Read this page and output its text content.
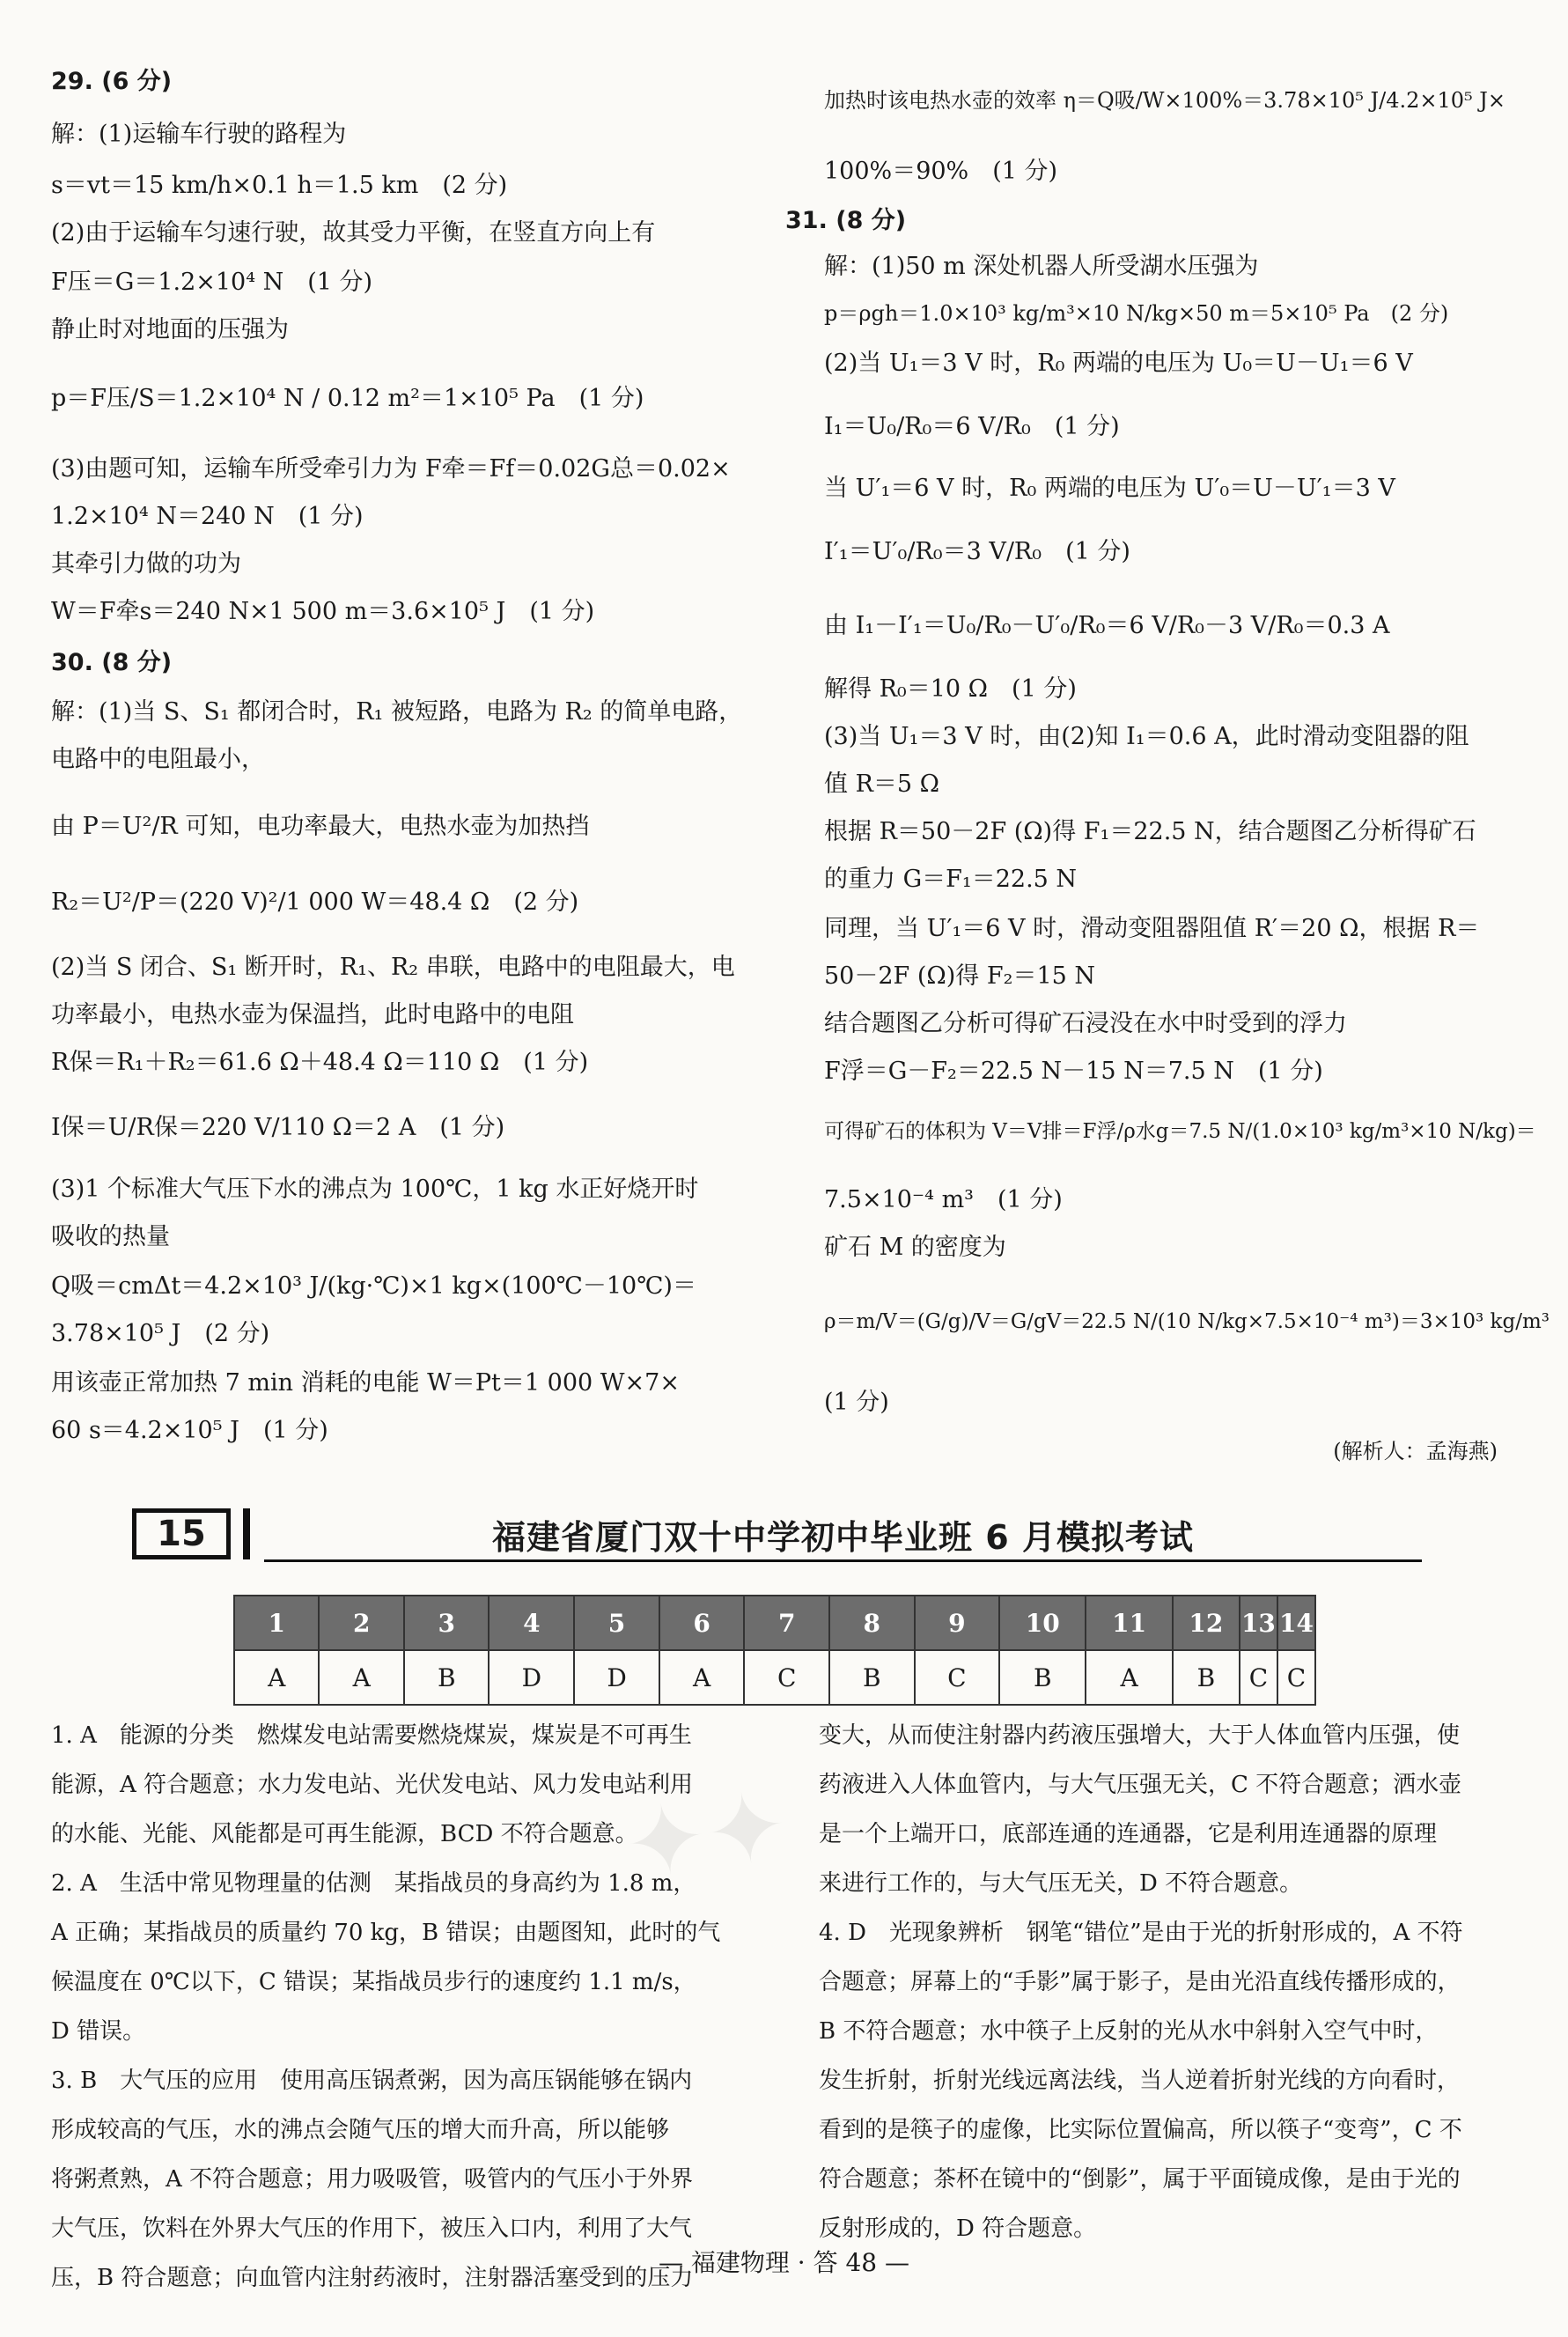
29. (6 分)
解：(1)运输车行驶的路程为
s＝vt＝15 km/h×0.1 h＝1.5 km　(2 分)
(2)由于运输车匀速行驶，故其受力平衡，在竖直方向上有
F压＝G＝1.2×10⁴ N　(1 分)
静止时对地面的压强为
p＝F压/S＝1.2×10⁴ N / 0.12 m²＝1×10⁵ Pa　(1 分)
(3)由题可知，运输车所受牵引力为 F牵＝Ff＝0.02G总＝0.02×
1.2×10⁴ N＝240 N　(1 分)
其牵引力做的功为
W＝F牵s＝240 N×1 500 m＝3.6×10⁵ J　(1 分)
30. (8 分)
解：(1)当 S、S₁ 都闭合时，R₁ 被短路，电路为 R₂ 的简单电路，
电路中的电阻最小，
由 P＝U²/R 可知，电功率最大，电热水壶为加热挡
R₂＝U²/P＝(220 V)²/1 000 W＝48.4 Ω　(2 分)
(2)当 S 闭合、S₁ 断开时，R₁、R₂ 串联，电路中的电阻最大，电
功率最小，电热水壶为保温挡，此时电路中的电阻
R保＝R₁＋R₂＝61.6 Ω＋48.4 Ω＝110 Ω　(1 分)
I保＝U/R保＝220 V/110 Ω＝2 A　(1 分)
(3)1 个标准大气压下水的沸点为 100℃，1 kg 水正好烧开时
吸收的热量
Q吸＝cmΔt＝4.2×10³ J/(kg·℃)×1 kg×(100℃－10℃)＝
3.78×10⁵ J　(2 分)
用该壶正常加热 7 min 消耗的电能 W＝Pt＝1 000 W×7×
60 s＝4.2×10⁵ J　(1 分)
加热时该电热水壶的效率 η＝Q吸/W×100%＝3.78×10⁵ J/4.2×10⁵ J×
100%＝90%　(1 分)
31. (8 分)
解：(1)50 m 深处机器人所受湖水压强为
p＝ρgh＝1.0×10³ kg/m³×10 N/kg×50 m＝5×10⁵ Pa　(2 分)
(2)当 U₁＝3 V 时，R₀ 两端的电压为 U₀＝U－U₁＝6 V
I₁＝U₀/R₀＝6 V/R₀　(1 分)
当 U′₁＝6 V 时，R₀ 两端的电压为 U′₀＝U－U′₁＝3 V
I′₁＝U′₀/R₀＝3 V/R₀　(1 分)
由 I₁－I′₁＝U₀/R₀－U′₀/R₀＝6 V/R₀－3 V/R₀＝0.3 A
解得 R₀＝10 Ω　(1 分)
(3)当 U₁＝3 V 时，由(2)知 I₁＝0.6 A，此时滑动变阻器的阻
值 R＝5 Ω
根据 R＝50－2F (Ω)得 F₁＝22.5 N，结合题图乙分析得矿石
的重力 G＝F₁＝22.5 N
同理，当 U′₁＝6 V 时，滑动变阻器阻值 R′＝20 Ω，根据 R＝
50－2F (Ω)得 F₂＝15 N
结合题图乙分析可得矿石浸没在水中时受到的浮力
F浮＝G－F₂＝22.5 N－15 N＝7.5 N　(1 分)
可得矿石的体积为 V＝V排＝F浮/ρ水g＝7.5 N/(1.0×10³ kg/m³×10 N/kg)＝
7.5×10⁻⁴ m³　(1 分)
矿石 M 的密度为
ρ＝m/V＝(G/g)/V＝G/gV＝22.5 N/(10 N/kg×7.5×10⁻⁴ m³)＝3×10³ kg/m³
(1 分)
(解析人：孟海燕)
15	福建省厦门双十中学初中毕业班 6 月模拟考试
1	2	3	4	5	6	7	8	9	10	11	12	13	14
A	A	B	D	D	A	C	B	C	B	A	B	C	C
✦✦
1. A　能源的分类　燃煤发电站需要燃烧煤炭，煤炭是不可再生
能源，A 符合题意；水力发电站、光伏发电站、风力发电站利用
的水能、光能、风能都是可再生能源，BCD 不符合题意。
2. A　生活中常见物理量的估测　某指战员的身高约为 1.8 m，
A 正确；某指战员的质量约 70 kg，B 错误；由题图知，此时的气
候温度在 0℃以下，C 错误；某指战员步行的速度约 1.1 m/s，
D 错误。
3. B　大气压的应用　使用高压锅煮粥，因为高压锅能够在锅内
形成较高的气压，水的沸点会随气压的增大而升高，所以能够
将粥煮熟，A 不符合题意；用力吸吸管，吸管内的气压小于外界
大气压，饮料在外界大气压的作用下，被压入口内，利用了大气
压，B 符合题意；向血管内注射药液时，注射器活塞受到的压力
变大，从而使注射器内药液压强增大，大于人体血管内压强，使
药液进入人体血管内，与大气压强无关，C 不符合题意；洒水壶
是一个上端开口，底部连通的连通器，它是利用连通器的原理
来进行工作的，与大气压无关，D 不符合题意。
4. D　光现象辨析　钢笔“错位”是由于光的折射形成的，A 不符
合题意；屏幕上的“手影”属于影子，是由光沿直线传播形成的，
B 不符合题意；水中筷子上反射的光从水中斜射入空气中时，
发生折射，折射光线远离法线，当人逆着折射光线的方向看时，
看到的是筷子的虚像，比实际位置偏高，所以筷子“变弯”，C 不
符合题意；茶杯在镜中的“倒影”，属于平面镜成像，是由于光的
反射形成的，D 符合题意。
— 福建物理 · 答 48 —
